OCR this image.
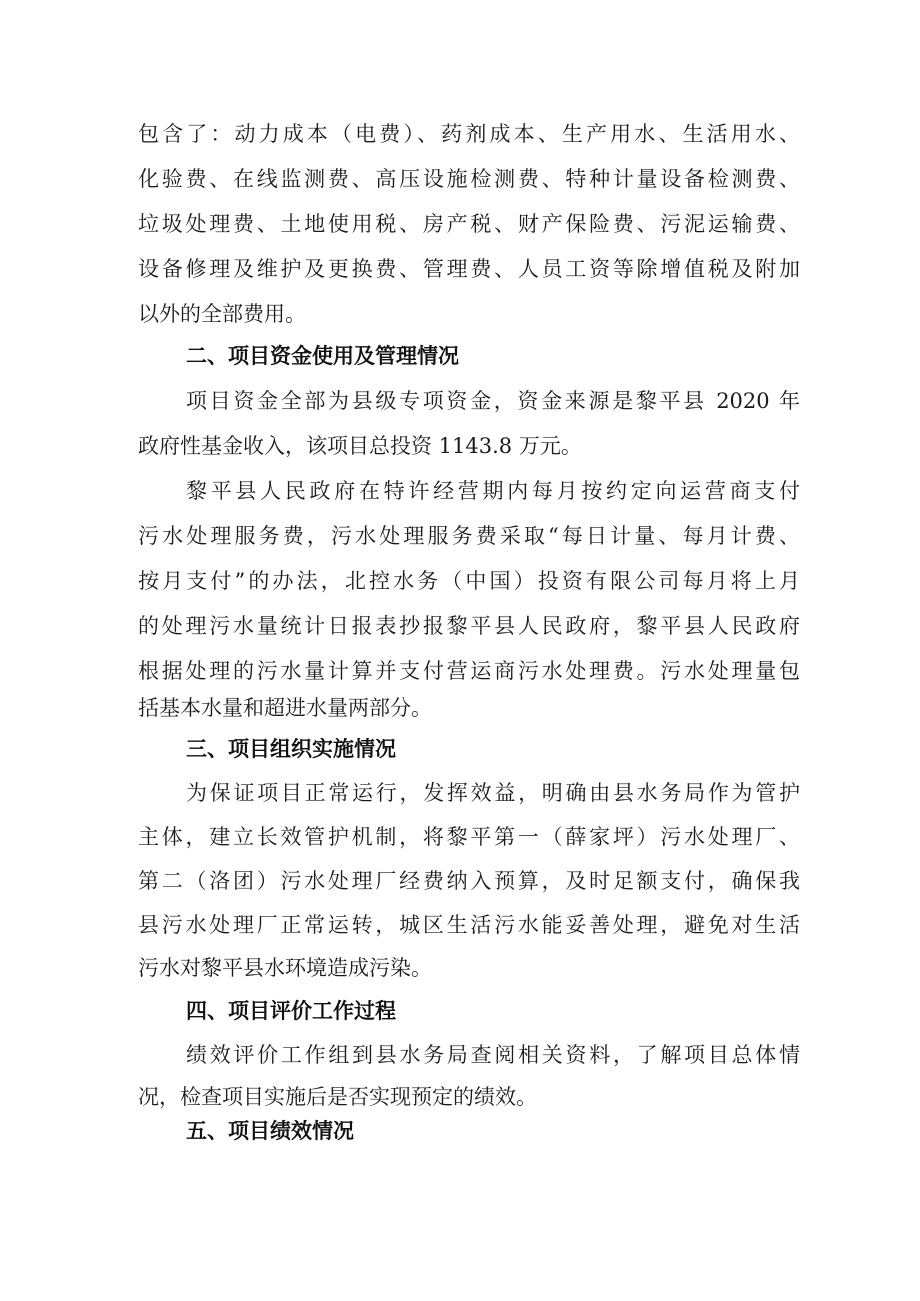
包含了：动力成本（电费）、药剂成本、生产用水、生活用水、
化验费、在线监测费、高压设施检测费、特种计量设备检测费、
垃圾处理费、土地使用税、房产税、财产保险费、污泥运输费、
设备修理及维护及更换费、管理费、人员工资等除增值税及附加
以外的全部费用。
二、项目资金使用及管理情况
项目资金全部为县级专项资金，资金来源是黎平县 2020 年
政府性基金收入，该项目总投资 1143.8 万元。
黎平县人民政府在特许经营期内每月按约定向运营商支付
污水处理服务费，污水处理服务费采取“每日计量、每月计费、
按月支付”的办法，北控水务（中国）投资有限公司每月将上月
的处理污水量统计日报表抄报黎平县人民政府，黎平县人民政府
根据处理的污水量计算并支付营运商污水处理费。污水处理量包
括基本水量和超进水量两部分。
三、项目组织实施情况
为保证项目正常运行，发挥效益，明确由县水务局作为管护
主体，建立长效管护机制，将黎平第一（薛家坪）污水处理厂、
第二（洛团）污水处理厂经费纳入预算，及时足额支付，确保我
县污水处理厂正常运转，城区生活污水能妥善处理，避免对生活
污水对黎平县水环境造成污染。
四、项目评价工作过程
绩效评价工作组到县水务局查阅相关资料，了解项目总体情
况，检查项目实施后是否实现预定的绩效。
五、项目绩效情况
